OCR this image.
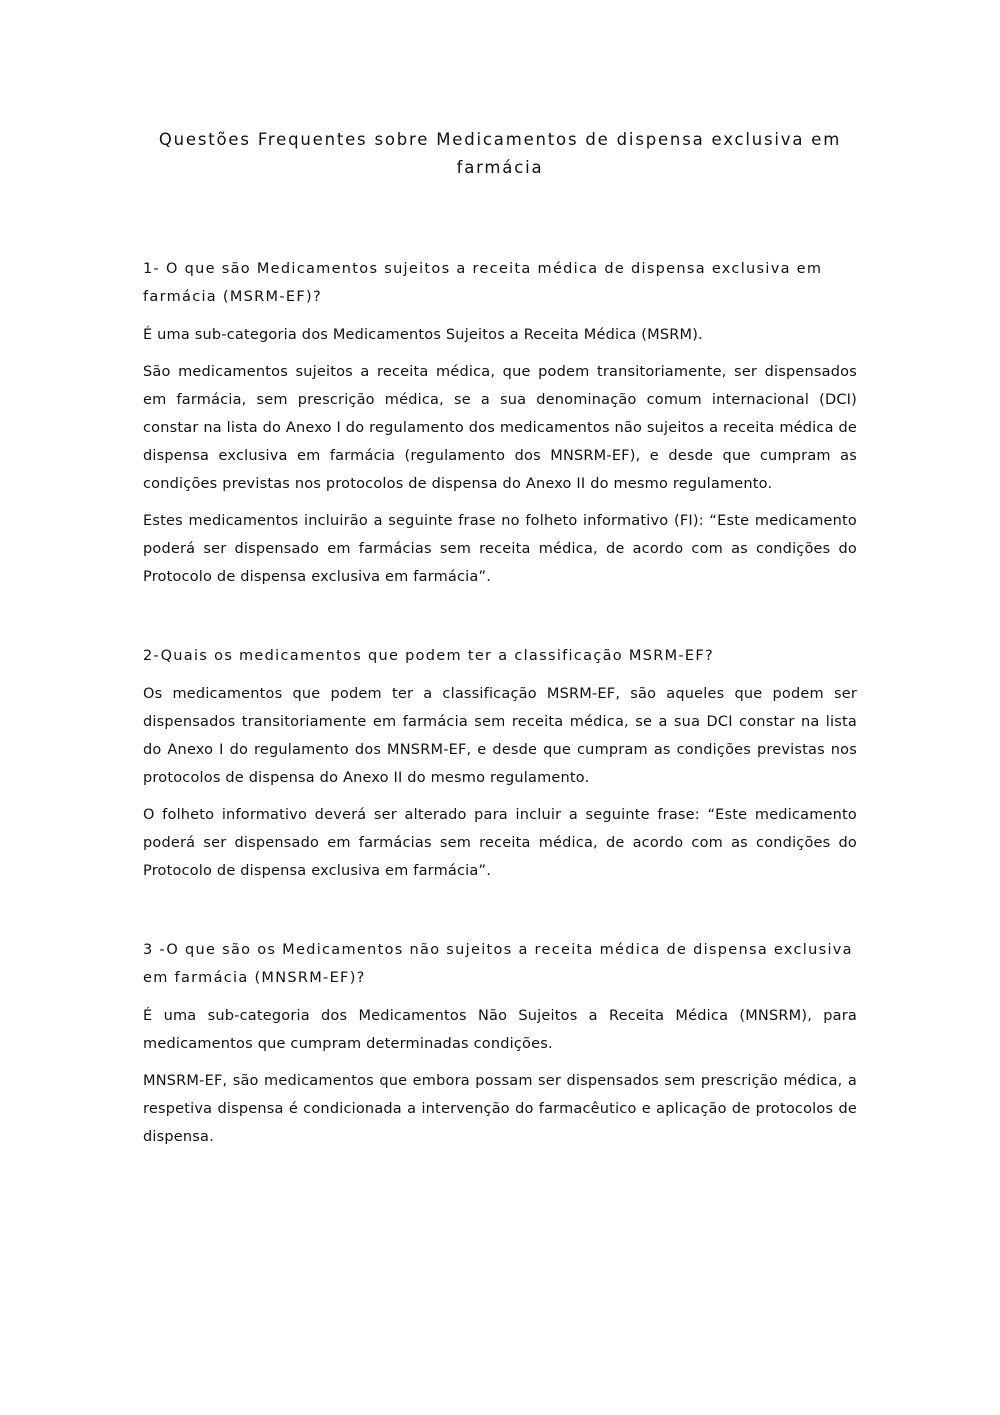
Questões Frequentes sobre Medicamentos de dispensa exclusiva em farmácia
1- O que são Medicamentos sujeitos a receita médica de dispensa exclusiva em farmácia (MSRM-EF)?

É uma sub-categoria dos Medicamentos Sujeitos a Receita Médica (MSRM).

São medicamentos sujeitos a receita médica, que podem transitoriamente, ser dispensados em farmácia, sem prescrição médica, se a sua denominação comum internacional (DCI) constar na lista do Anexo I do regulamento dos medicamentos não sujeitos a receita médica de dispensa exclusiva em farmácia (regulamento dos MNSRM-EF), e desde que cumpram as condições previstas nos protocolos de dispensa do Anexo II do mesmo regulamento.

Estes medicamentos incluirão a seguinte frase no folheto informativo (FI): “Este medicamento poderá ser dispensado em farmácias sem receita médica, de acordo com as condições do Protocolo de dispensa exclusiva em farmácia”.

2-Quais os medicamentos que podem ter a classificação MSRM-EF?

Os medicamentos que podem ter a classificação MSRM-EF, são aqueles que podem ser dispensados transitoriamente em farmácia sem receita médica, se a sua DCI constar na lista do Anexo I do regulamento dos MNSRM-EF, e desde que cumpram as condições previstas nos protocolos de dispensa do Anexo II do mesmo regulamento.

O folheto informativo deverá ser alterado para incluir a seguinte frase: “Este medicamento poderá ser dispensado em farmácias sem receita médica, de acordo com as condições do Protocolo de dispensa exclusiva em farmácia”.

3 -O que são os Medicamentos não sujeitos a receita médica de dispensa exclusiva em farmácia (MNSRM-EF)?

É uma sub-categoria dos Medicamentos Não Sujeitos a Receita Médica (MNSRM), para medicamentos que cumpram determinadas condições.

MNSRM-EF, são medicamentos que embora possam ser dispensados sem prescrição médica, a respetiva dispensa é condicionada a intervenção do farmacêutico e aplicação de protocolos de dispensa.
